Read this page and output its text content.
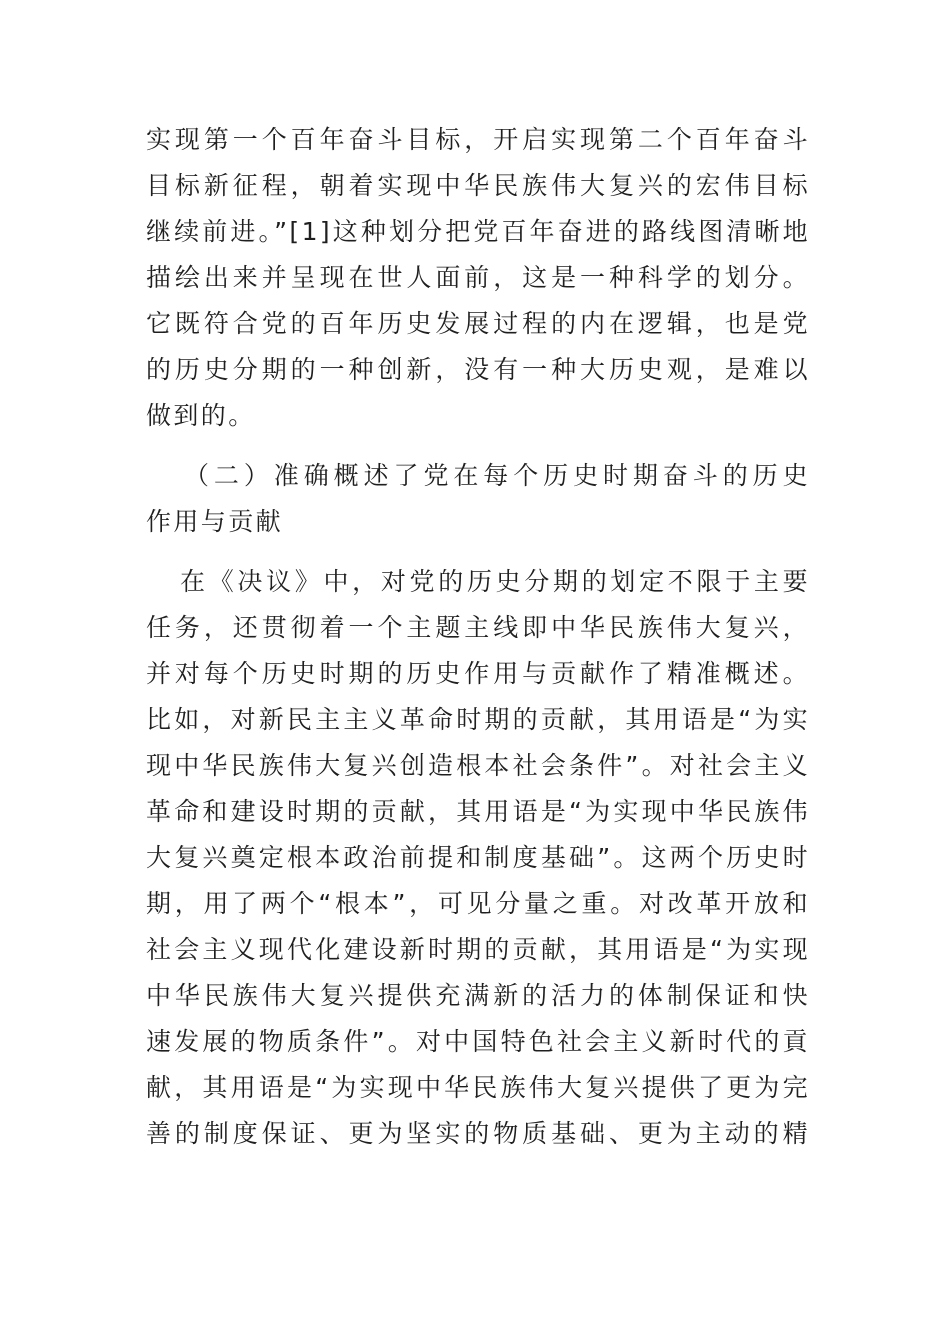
实现第一个百年奋斗目标，开启实现第二个百年奋斗
目标新征程，朝着实现中华民族伟大复兴的宏伟目标
继续前进。”[1]这种划分把党百年奋进的路线图清晰地
描绘出来并呈现在世人面前，这是一种科学的划分。
它既符合党的百年历史发展过程的内在逻辑，也是党
的历史分期的一种创新，没有一种大历史观，是难以
做到的。
（二）准确概述了党在每个历史时期奋斗的历史
作用与贡献
在《决议》中，对党的历史分期的划定不限于主要
任务，还贯彻着一个主题主线即中华民族伟大复兴，
并对每个历史时期的历史作用与贡献作了精准概述。
比如，对新民主主义革命时期的贡献，其用语是“为实
现中华民族伟大复兴创造根本社会条件”。对社会主义
革命和建设时期的贡献，其用语是“为实现中华民族伟
大复兴奠定根本政治前提和制度基础”。这两个历史时
期，用了两个“根本”，可见分量之重。对改革开放和
社会主义现代化建设新时期的贡献，其用语是“为实现
中华民族伟大复兴提供充满新的活力的体制保证和快
速发展的物质条件”。对中国特色社会主义新时代的貢
献，其用语是“为实现中华民族伟大复兴提供了更为完
善的制度保证、更为坚实的物质基础、更为主动的精
